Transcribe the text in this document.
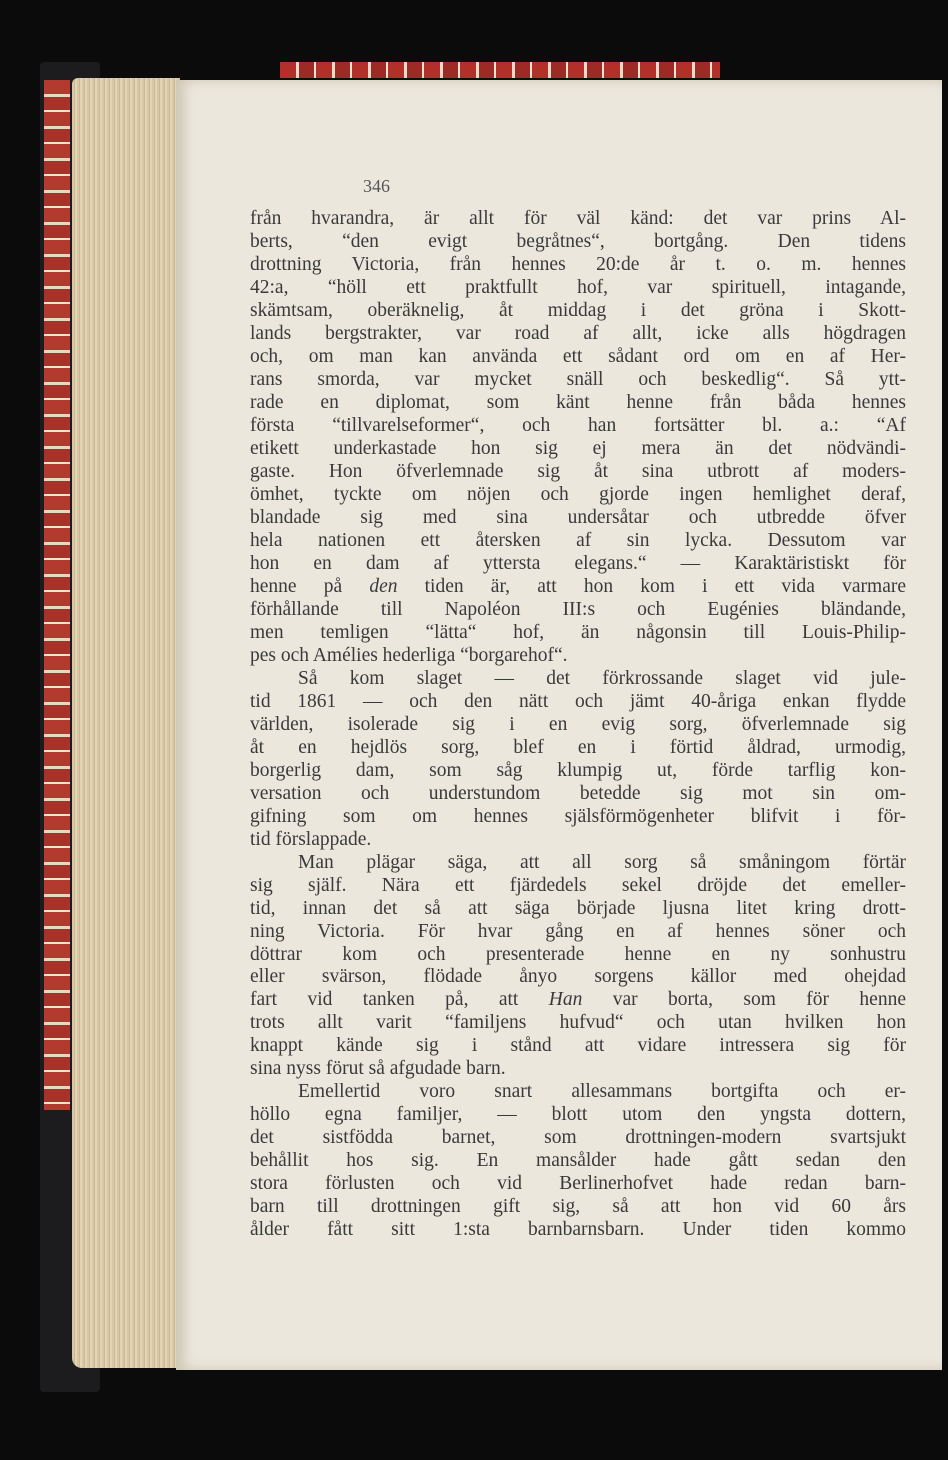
346
från hvarandra, är allt för väl känd: det var prins Al-
berts, “den evigt begråtnes“, bortgång. Den tidens
drottning Victoria, från hennes 20:de år t. o. m. hennes
42:a, “höll ett praktfullt hof, var spirituell, intagande,
skämtsam, oberäknelig, åt middag i det gröna i Skott-
lands bergstrakter, var road af allt, icke alls högdragen
och, om man kan använda ett sådant ord om en af Her-
rans smorda, var mycket snäll och beskedlig“. Så ytt-
rade en diplomat, som känt henne från båda hennes
första “tillvarelseformer“, och han fortsätter bl. a.: “Af
etikett underkastade hon sig ej mera än det nödvändi-
gaste. Hon öfverlemnade sig åt sina utbrott af moders-
ömhet, tyckte om nöjen och gjorde ingen hemlighet deraf,
blandade sig med sina undersåtar och utbredde öfver
hela nationen ett återsken af sin lycka. Dessutom var
hon en dam af yttersta elegans.“ — Karaktäristiskt för
henne på den tiden är, att hon kom i ett vida varmare
förhållande till Napoléon III:s och Eugénies bländande,
men temligen “lätta“ hof, än någonsin till Louis-Philip-
pes och Amélies hederliga “borgarehof“.
Så kom slaget — det förkrossande slaget vid jule-
tid 1861 — och den nätt och jämt 40-åriga enkan flydde
världen, isolerade sig i en evig sorg, öfverlemnade sig
åt en hejdlös sorg, blef en i förtid åldrad, urmodig,
borgerlig dam, som såg klumpig ut, förde tarflig kon-
versation och understundom betedde sig mot sin om-
gifning som om hennes själsförmögenheter blifvit i för-
tid förslappade.
Man plägar säga, att all sorg så småningom förtär
sig själf. Nära ett fjärdedels sekel dröjde det emeller-
tid, innan det så att säga började ljusna litet kring drott-
ning Victoria. För hvar gång en af hennes söner och
döttrar kom och presenterade henne en ny sonhustru
eller svärson, flödade ånyo sorgens källor med ohejdad
fart vid tanken på, att Han var borta, som för henne
trots allt varit “familjens hufvud“ och utan hvilken hon
knappt kände sig i stånd att vidare intressera sig för
sina nyss förut så afgudade barn.
Emellertid voro snart allesammans bortgifta och er-
höllo egna familjer, — blott utom den yngsta dottern,
det sistfödda barnet, som drottningen-modern svartsjukt
behållit hos sig. En mansålder hade gått sedan den
stora förlusten och vid Berlinerhofvet hade redan barn-
barn till drottningen gift sig, så att hon vid 60 års
ålder fått sitt 1:sta barnbarnsbarn. Under tiden kommo
